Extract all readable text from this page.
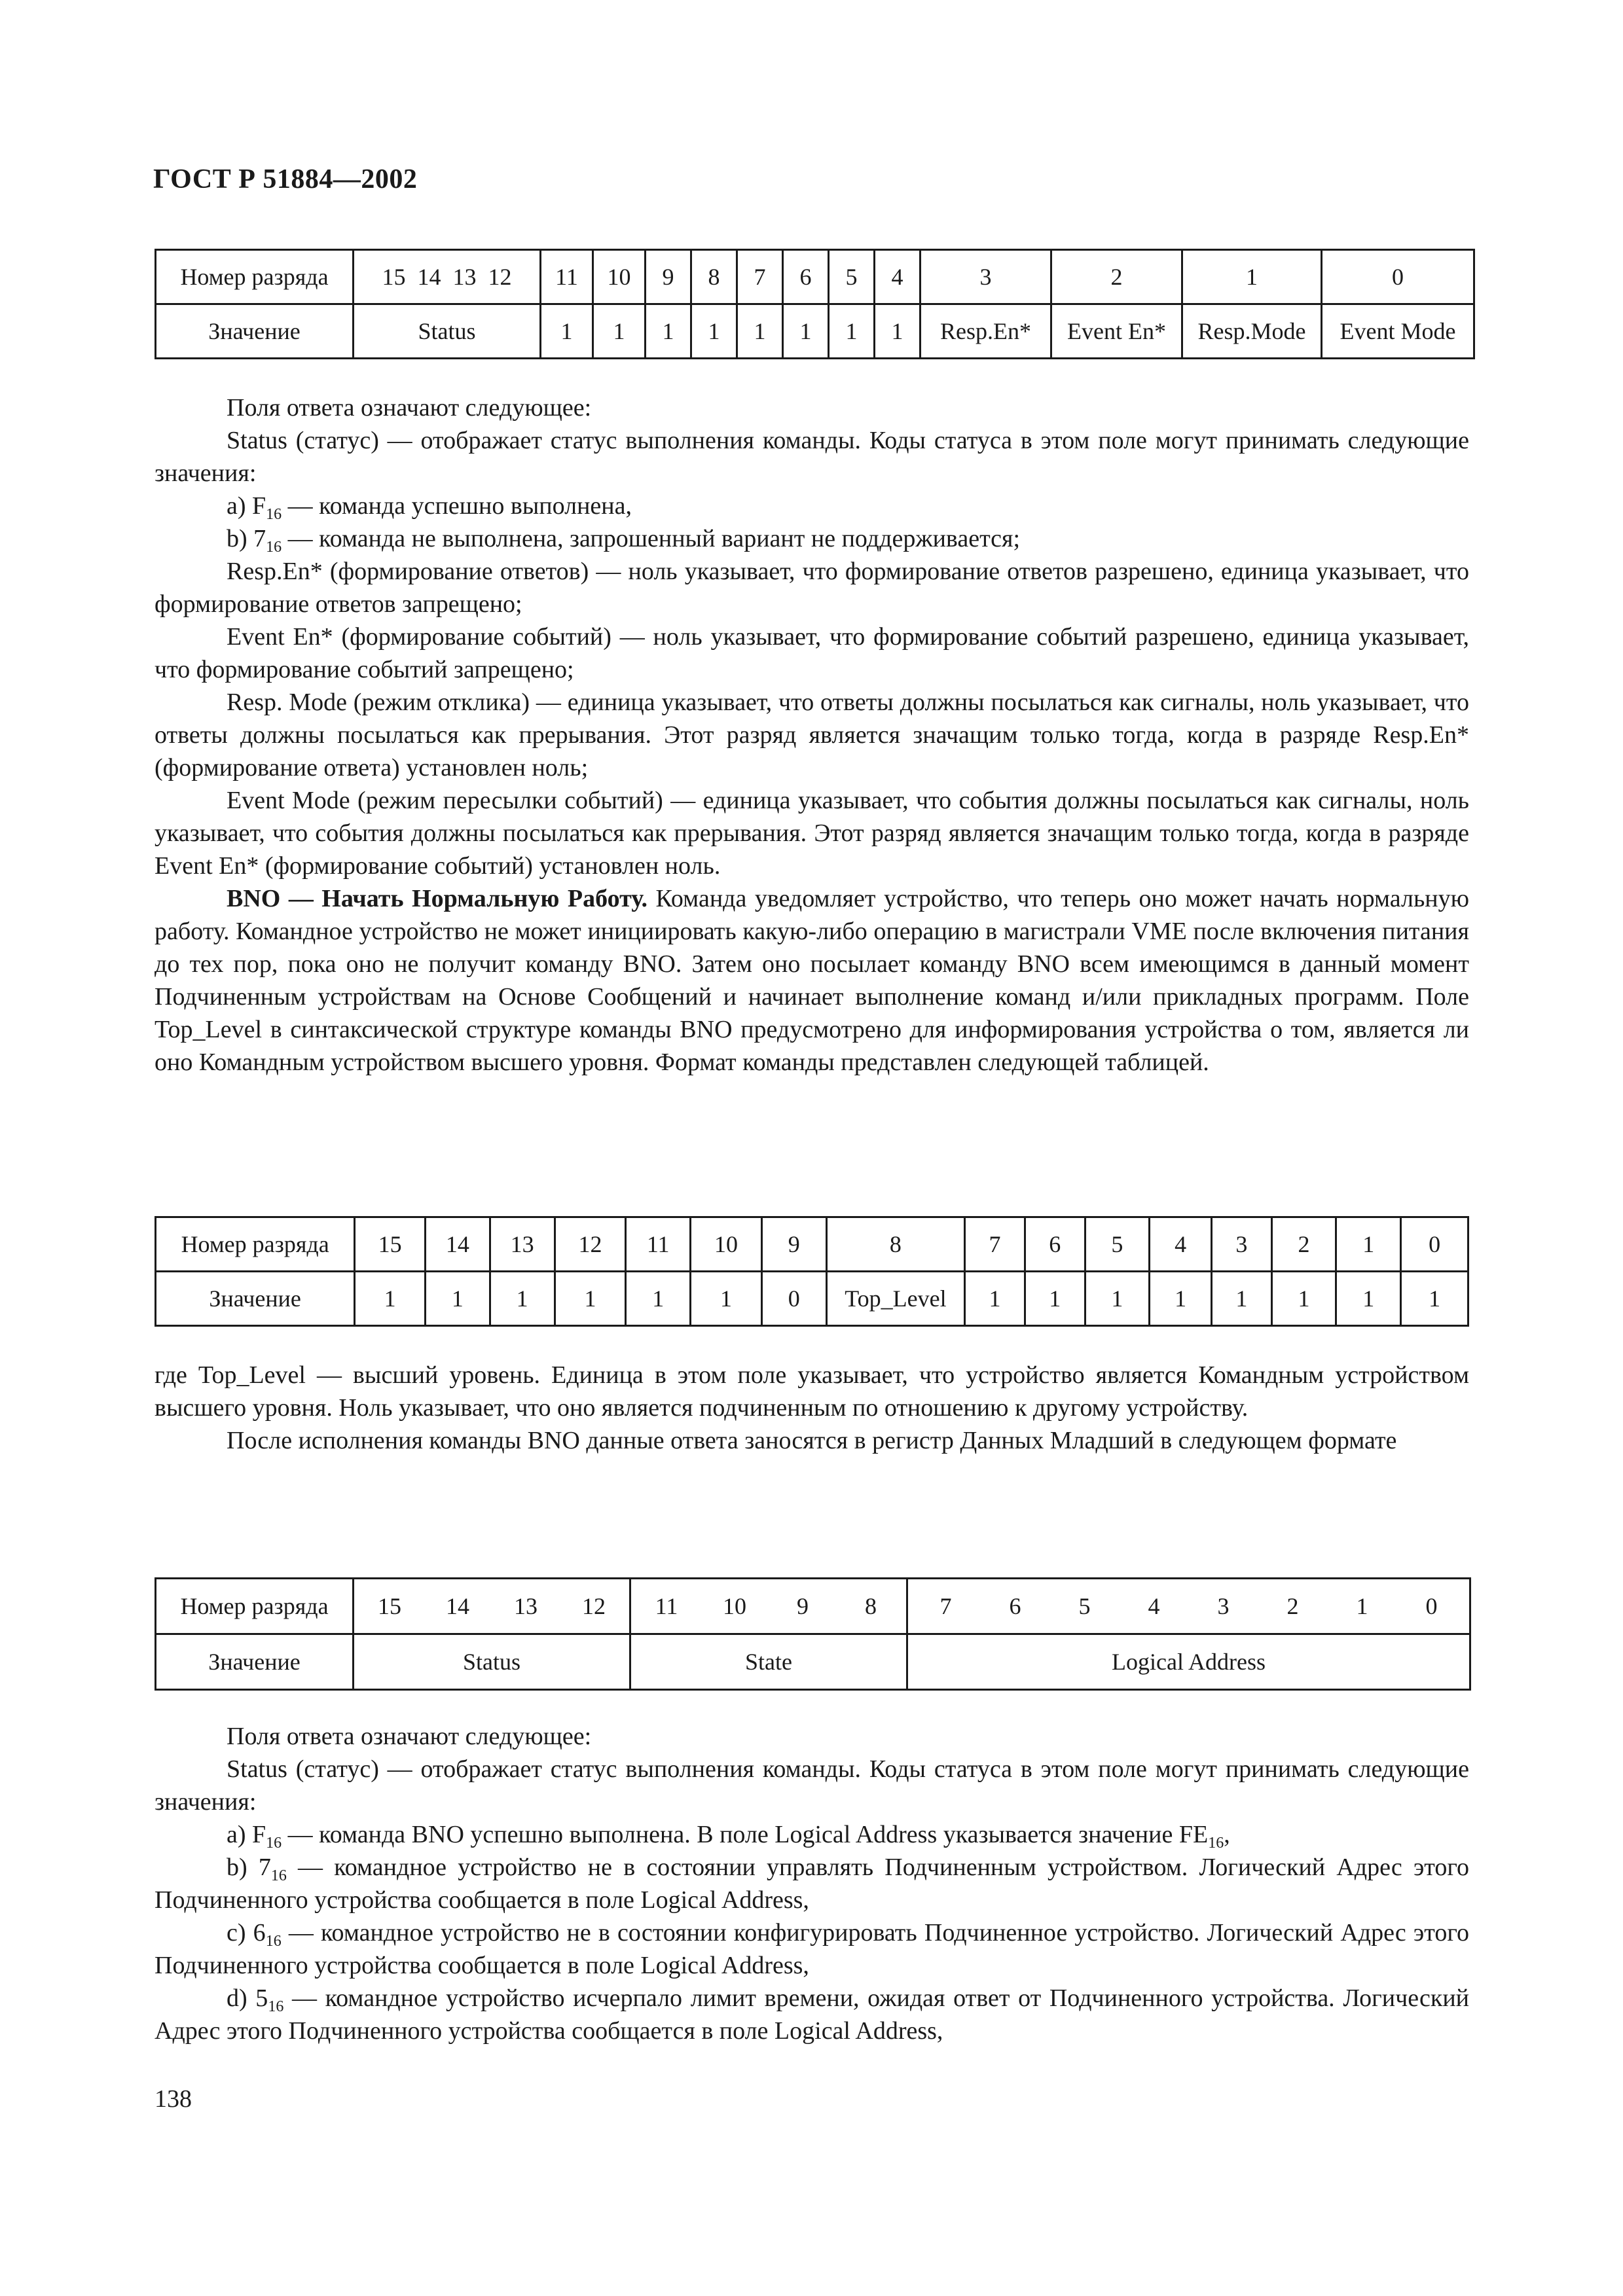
ГОСТ Р 51884—2002
Номер разряда	15  14  13  12	11	10	9	8	7	6	5	4	3	2	1	0
Значение	Status	1	1	1	1	1	1	1	1	Resp.En*	Event En*	Resp.Mode	Event Mode

Поля ответа означают следующее:

Status (статус) — отображает статус выполнения команды. Коды статуса в этом поле могут принимать следующие значения:

a) $F_{16}$ — команда успешно выполнена,

b) $7_{16}$ — команда не выполнена, запрошенный вариант не поддерживается;

Resp.En* (формирование ответов) — ноль указывает, что формирование ответов разрешено, единица указывает, что формирование ответов запрещено;

Event En* (формирование событий) — ноль указывает, что формирование событий разрешено, единица указывает, что формирование событий запрещено;

Resp. Mode (режим отклика) — единица указывает, что ответы должны посылаться как сигналы, ноль указывает, что ответы должны посылаться как прерывания. Этот разряд является значащим только тогда, когда в разряде Resp.En* (формирование ответа) установлен ноль;

Event Mode (режим пересылки событий) — единица указывает, что события должны посылаться как сигналы, ноль указывает, что события должны посылаться как прерывания. Этот разряд является значащим только тогда, когда в разряде Event En* (формирование событий) установлен ноль.

BNO — Начать Нормальную Работу. Команда уведомляет устройство, что теперь оно может начать нормальную работу. Командное устройство не может инициировать какую-либо операцию в магистрали VME после включения питания до тех пор, пока оно не получит команду BNO. Затем оно посылает команду BNO всем имеющимся в данный момент Подчиненным устройствам на Основе Сообщений и начинает выполнение команд и/или прикладных программ. Поле Top_Level в синтаксической структуре команды BNO предусмотрено для информирования устройства о том, является ли оно Командным устройством высшего уровня. Формат команды представлен следующей таблицей.

Номер разряда	15	14	13	12	11	10	9	8	7	6	5	4	3	2	1	0
Значение	1	1	1	1	1	1	0	Top_Level	1	1	1	1	1	1	1	1

где Top_Level — высший уровень. Единица в этом поле указывает, что устройство является Командным устройством высшего уровня. Ноль указывает, что оно является подчиненным по отношению к другому устройству.

После исполнения команды BNO данные ответа заносятся в регистр Данных Младший в следующем формате

Номер разряда	15 14 13 12	11 10 9 8	7 6 5 4 3 2 1 0
Значение	Status	State	Logical Address

Поля ответа означают следующее:

Status (статус) — отображает статус выполнения команды. Коды статуса в этом поле могут принимать следующие значения:

a) $F_{16}$ — команда BNO успешно выполнена. В поле Logical Address указывается значение $FE_{16}$,

b) $7_{16}$ — командное устройство не в состоянии управлять Подчиненным устройством. Логический Адрес этого Подчиненного устройства сообщается в поле Logical Address,

c) $6_{16}$ — командное устройство не в состоянии конфигурировать Подчиненное устройство. Логический Адрес этого Подчиненного устройства сообщается в поле Logical Address,

d) $5_{16}$ — командное устройство исчерпало лимит времени, ожидая ответ от Подчиненного устройства. Логический Адрес этого Подчиненного устройства сообщается в поле Logical Address,

138
